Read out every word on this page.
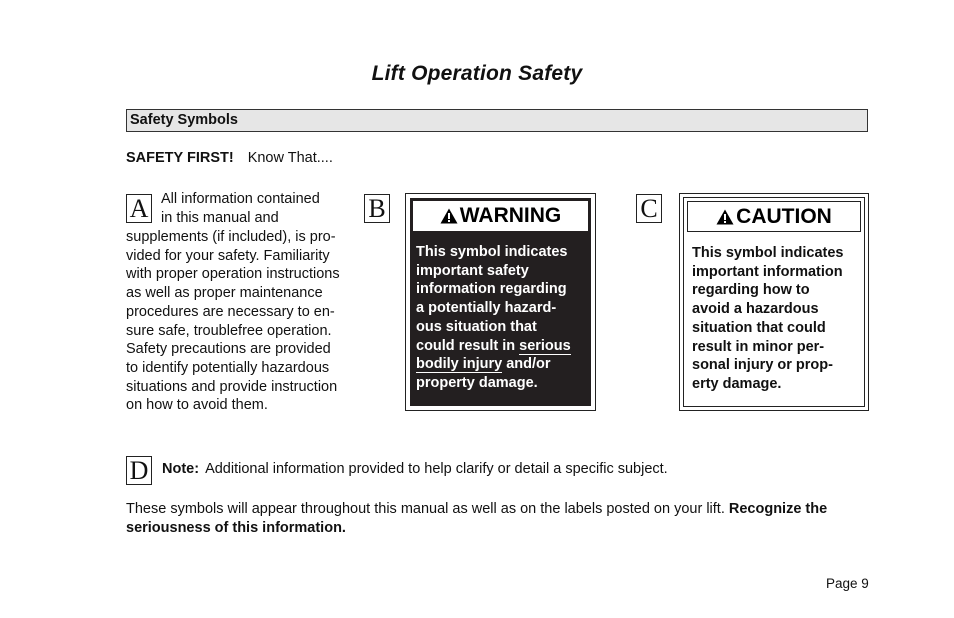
Lift Operation Safety
Safety Symbols
SAFETY FIRST! Know That....
A	B	C
D
All information contained
in this manual and
supplements (if included), is pro-
vided for your safety. Familiarity
with proper operation instructions
as well as proper maintenance
procedures are necessary to en-
sure safe, troublefree operation.
Safety precautions are provided
to identify potentially hazardous
situations and provide instruction
on how to avoid them.
WARNING
This symbol indicates
important safety
information regarding
a potentially hazard-
ous situation that
could result in serious
bodily injury and/or
property damage.
CAUTION
This symbol indicates
important information
regarding how to
avoid a hazardous
situation that could
result in minor per-
sonal injury or prop-
erty damage.
Note: Additional information provided to help clarify or detail a specific subject.
These symbols will appear throughout this manual as well as on the labels posted on your lift. Recognize the seriousness of this information.
Page 9
